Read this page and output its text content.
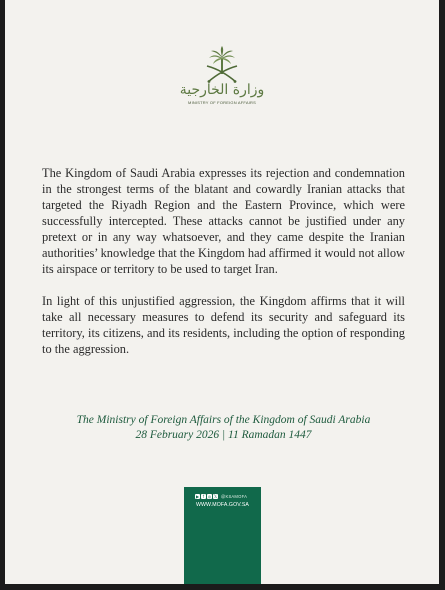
وزارة الخارجية
MINISTRY OF FOREIGN AFFAIRS

The Kingdom of Saudi Arabia expresses its rejection and condemnation in the strongest terms of the blatant and cowardly Iranian attacks that targeted the Riyadh Region and the Eastern Province, which were successfully intercepted. These attacks cannot be justified under any pretext or in any way whatsoever, and they came despite the Iranian authorities’ knowledge that the Kingdom had affirmed it would not allow its airspace or territory to be used to target Iran.

In light of this unjustified aggression, the Kingdom affirms that it will take all necessary measures to defend its security and safeguard its territory, its citizens, and its residents, including the option of responding to the aggression.

The Ministry of Foreign Affairs of the Kingdom of Saudi Arabia
28 February 2026 | 11 Ramadan 1447
▶ f ◎ 𝕏 @KSAMOFA
WWW.MOFA.GOV.SA
